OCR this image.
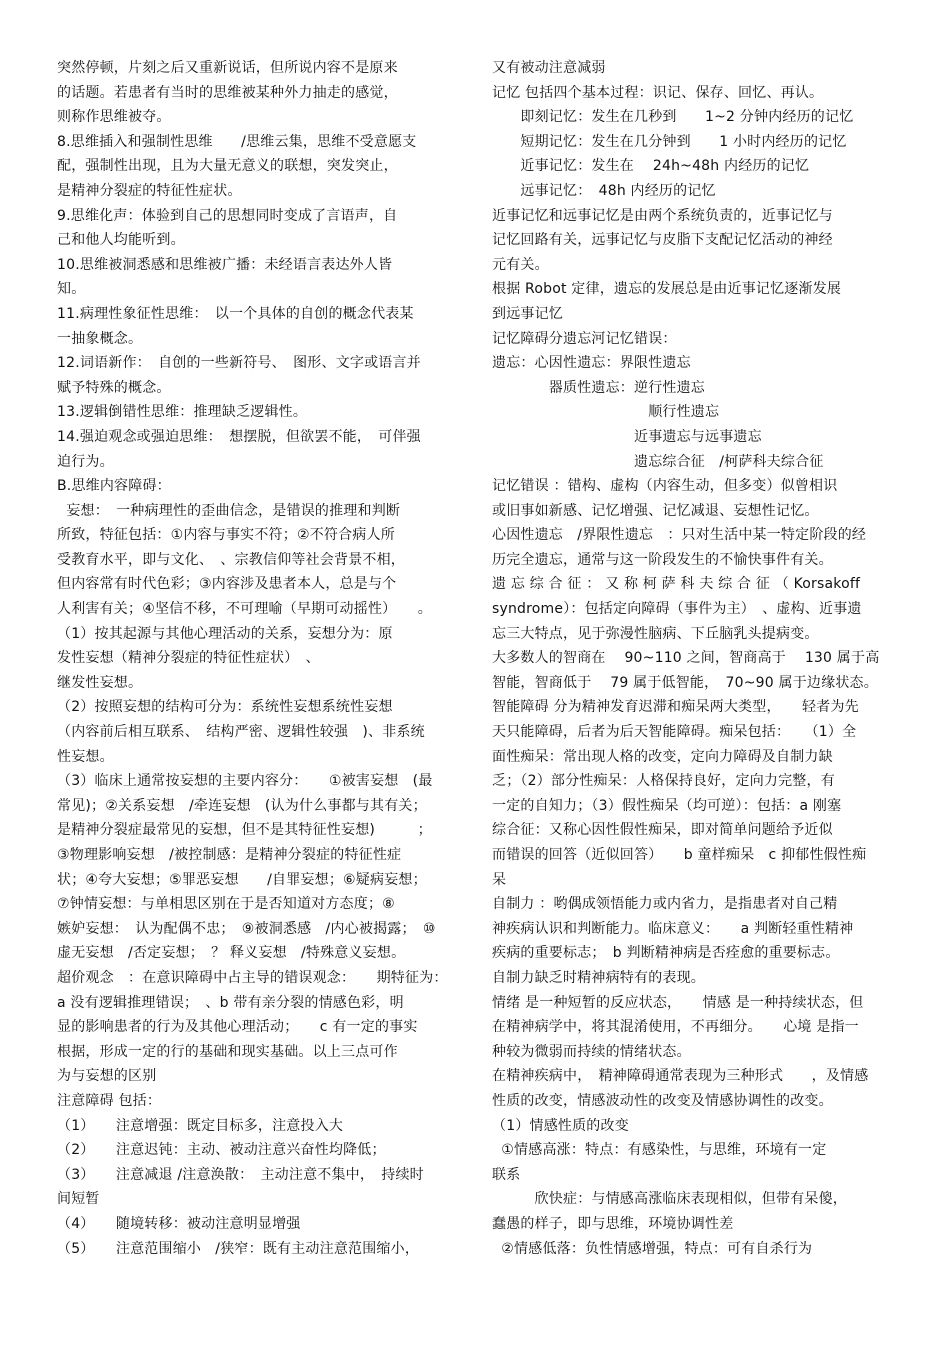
突然停顿，片刻之后又重新说话，但所说内容不是原来
的话题。若患者有当时的思维被某种外力抽走的感觉，
则称作思维被夺。
8.思维插入和强制性思维　　/思维云集，思维不受意愿支
配，强制性出现，且为大量无意义的联想，突发突止，
是精神分裂症的特征性症状。
9.思维化声：体验到自己的思想同时变成了言语声，自
己和他人均能听到。
10.思维被洞悉感和思维被广播：未经语言表达外人皆
知。
11.病理性象征性思维：　以一个具体的自创的概念代表某
一抽象概念。
12.词语新作：　自创的一些新符号、　图形、文字或语言并
赋予特殊的概念。
13.逻辑倒错性思维：推理缺乏逻辑性。
14.强迫观念或强迫思维：　想摆脱，但欲罢不能，　可伴强
迫行为。
B.思维内容障碍：
妄想：　一种病理性的歪曲信念，是错误的推理和判断
所致，特征包括：①内容与事实不符；②不符合病人所
受教育水平，即与文化、　、宗教信仰等社会背景不相，
但内容常有时代色彩；③内容涉及患者本人，总是与个
人利害有关；④坚信不移，不可理喻（早期可动摇性）　　。
（1）按其起源与其他心理活动的关系，妄想分为：原
发性妄想（精神分裂症的特征性症状）　、
继发性妄想。
（2）按照妄想的结构可分为：系统性妄想系统性妄想
（内容前后相互联系、　结构严密、逻辑性较强　)、非系统
性妄想。
（3）临床上通常按妄想的主要内容分：　　①被害妄想　(最
常见)；②关系妄想　/牵连妄想　(认为什么事都与其有关；
是精神分裂症最常见的妄想，但不是其特征性妄想)　　　；
③物理影响妄想　/被控制感：是精神分裂症的特征性症
状；④夸大妄想；⑤罪恶妄想　　/自罪妄想；⑥疑病妄想；
⑦钟情妄想：与单相思区别在于是否知道对方态度；⑧
嫉妒妄想：　认为配偶不忠；　⑨被洞悉感　/内心被揭露；　⑩
虚无妄想　/否定妄想；　？ 释义妄想　/特殊意义妄想。
超价观念　：在意识障碍中占主导的错误观念：　　期特征为：
a 没有逻辑推理错误；　、b 带有亲分裂的情感色彩，明
显的影响患者的行为及其他心理活动；　　c 有一定的事实
根据，形成一定的行的基础和现实基础。以上三点可作
为与妄想的区别
注意障碍 包括：
（1）　　注意增强：既定目标多，注意投入大
（2）　　注意迟钝：主动、被动注意兴奋性均降低；
（3）　　注意减退 /注意涣散：　主动注意不集中，　持续时
间短暂
（4）　　随境转移：被动注意明显增强
（5）　　注意范围缩小　/狭窄：既有主动注意范围缩小，
又有被动注意减弱
记忆 包括四个基本过程：识记、保存、回忆、再认。
　　即刻记忆：发生在几秒到　　1~2 分钟内经历的记忆
　　短期记忆：发生在几分钟到　　1 小时内经历的记忆
　　近事记忆：发生在　 24h~48h 内经历的记忆
　　远事记忆：　48h 内经历的记忆
近事记忆和远事记忆是由两个系统负责的，近事记忆与
记忆回路有关，远事记忆与皮脂下支配记忆活动的神经
元有关。
根据 Robot 定律，遗忘的发展总是由近事记忆逐渐发展
到远事记忆
记忆障碍分遗忘河记忆错误：
遗忘：心因性遗忘：界限性遗忘
　　　　器质性遗忘：逆行性遗忘
　　　　　　　　　　　顺行性遗忘
　　　　　　　　　　近事遗忘与远事遗忘
　　　　　　　　　　遗忘综合征　/柯萨科夫综合征
记忆错误 ：错构、虚构（内容生动，但多变）似曾相识
或旧事如新感、记忆增强、记忆减退、妄想性记忆。
心因性遗忘　/界限性遗忘　：只对生活中某一特定阶段的经
历完全遗忘，通常与这一阶段发生的不愉快事件有关。
遗 忘 综 合 征 ： 又 称 柯 萨 科 夫 综 合 征 （ Korsakoff
syndrome）：包括定向障碍（事件为主）　、虚构、近事遗
忘三大特点，见于弥漫性脑病、下丘脑乳头提病变。
大多数人的智商在　 90~110 之间，智商高于　 130 属于高
智能，智商低于　 79 属于低智能，　70~90 属于边缘状态。
智能障碍 分为精神发育迟滞和痴呆两大类型，　　轻者为先
天只能障碍，后者为后天智能障碍。痴呆包括：　　（1）全
面性痴呆：常出现人格的改变，定向力障碍及自制力缺
乏；（2）部分性痴呆：人格保持良好，定向力完整，有
一定的自知力；（3）假性痴呆（均可逆）：包括：a 刚塞
综合征：又称心因性假性痴呆，即对简单问题给予近似
而错误的回答（近似回答）　　b 童样痴呆　c 抑郁性假性痴
呆
自制力 ：哟偶成领悟能力或内省力，是指患者对自己精
神疾病认识和判断能力。临床意义：　　a 判断轻重性精神
疾病的重要标志；　b 判断精神病是否痊愈的重要标志。
自制力缺乏时精神病特有的表现。
情绪 是一种短暂的反应状态，　　情感 是一种持续状态，但
在精神病学中，将其混淆使用，不再细分。　　心境 是指一
种较为微弱而持续的情绪状态。
在精神疾病中，　精神障碍通常表现为三种形式　　，及情感
性质的改变，情感波动性的改变及情感协调性的改变。
（1）情感性质的改变
①情感高涨：特点：有感染性，与思维，环境有一定
联系
　　　欣快症：与情感高涨临床表现相似，但带有呆傻，
蠢愚的样子，即与思维，环境协调性差
②情感低落：负性情感增强，特点：可有自杀行为
